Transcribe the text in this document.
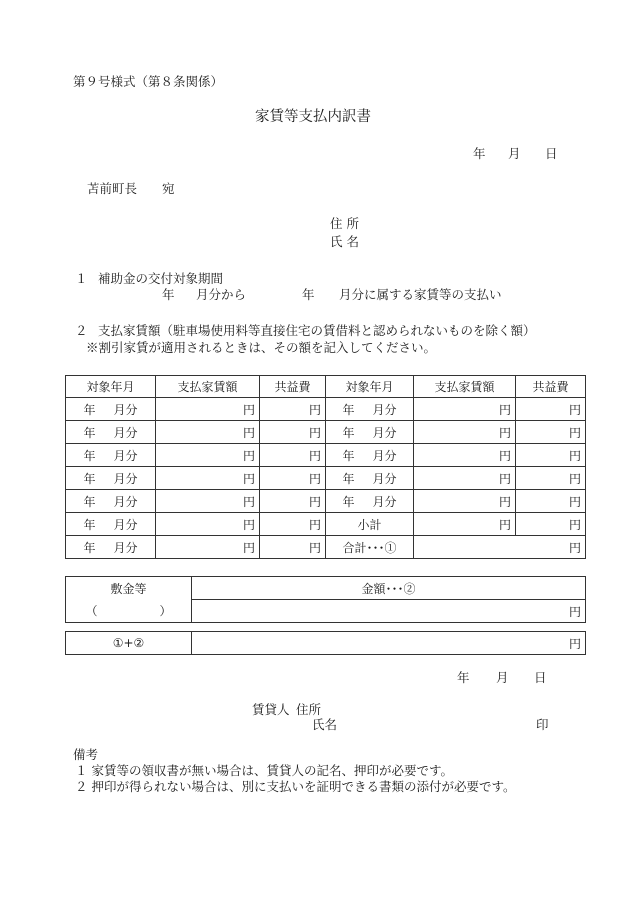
第９号様式（第８条関係）
家賃等支払内訳書
年 月 日
苫前町長 宛
住 所
氏 名
１ 補助金の交付対象期間
年 月分から	年 月分に属する家賃等の支払い
２ 支払家賃額（駐車場使用料等直接住宅の賃借料と認められないものを除く額）
※割引家賃が適用されるときは、その額を記入してください。
対象年月	支払家賃額	共益費	対象年月	支払家賃額	共益費
年 月分	円	円	年 月分	円	円
年 月分	円	円	年 月分	円	円
年 月分	円	円	年 月分	円	円
年 月分	円	円	年 月分	円	円
年 月分	円	円	年 月分	円	円
年 月分	円	円	小計	円	円
年 月分	円	円	合計･･･①	円	
敷金等	金額･･･②
（ ）	円
①+②	円
年 月 日
賃貸人 住所
氏名	印
備考
１ 家賃等の領収書が無い場合は、賃貸人の記名、押印が必要です。
２ 押印が得られない場合は、別に支払いを証明できる書類の添付が必要です。
